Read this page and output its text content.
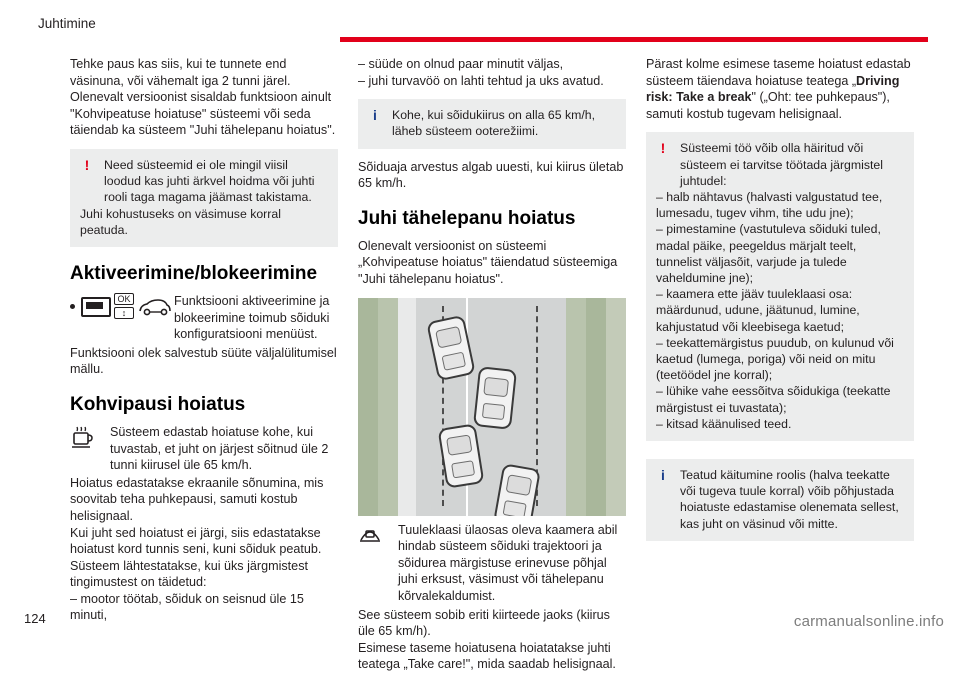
Juhtimine

Tehke paus kas siis, kui te tunnete end väsinuna, või vähemalt iga 2 tunni järel.

Olenevalt versioonist sisaldab funktsioon ainult "Kohvipeatuse hoiatuse" süsteemi või seda täiendab ka süsteem "Juhi tähelepanu hoiatus".

!	Need süsteemid ei ole mingil viisil loodud kas juhti ärkvel hoidma või juhti rooli taga magama jäämast takistama.
Juhi kohustuseks on väsimuse korral peatuda.
Aktiveerimine/blokeerimine

OK
↕

Funktsiooni aktiveerimine ja blokeerimine toimub sõiduki konfiguratsiooni menüüst.

Funktsiooni olek salvestub süüte väljalülitumisel mällu.

Kohvipausi hoiatus
Süsteem edastab hoiatuse kohe, kui tuvastab, et juht on järjest sõitnud üle 2 tunni kiirusel üle 65 km/h.

Hoiatus edastatakse ekraanile sõnumina, mis soovitab teha puhkepausi, samuti kostub helisignaal.

Kui juht sed hoiatust ei järgi, siis edastatakse hoiatust kord tunnis seni, kuni sõiduk peatub.

Süsteem lähtestatakse, kui üks järgmistest tingimustest on täidetud:

– mootor töötab, sõiduk on seisnud üle 15 minuti,

– süüde on olnud paar minutit väljas,

– juhi turvavöö on lahti tehtud ja uks avatud.

i	Kohe, kui sõidukiirus on alla 65 km/h, läheb süsteem ooterežiimi.

Sõiduaja arvestus algab uuesti, kui kiirus ületab 65 km/h.

Juhi tähelepanu hoiatus

Olenevalt versioonist on süsteemi „Kohvipeatuse hoiatus" täiendatud süsteemiga "Juhi tähelepanu hoiatus".

Tuuleklaasi ülaosas oleva kaamera abil hindab süsteem sõiduki trajektoori ja sõidurea märgistuse erinevuse põhjal juhi erksust, väsimust või tähelepanu kõrvalekaldumist.

See süsteem sobib eriti kiirteede jaoks (kiirus üle 65 km/h).

Esimese taseme hoiatusena hoiatatakse juhti teatega „Take care!", mida saadab helisignaal.

Pärast kolme esimese taseme hoiatust edastab süsteem täiendava hoiatuse teatega „Driving risk: Take a break" („Oht: tee puhkepaus"), samuti kostub tugevam helisignaal.

!	Süsteemi töö võib olla häiritud või süsteem ei tarvitse töötada järgmistel juhtudel:
– halb nähtavus (halvasti valgustatud tee, lumesadu, tugev vihm, tihe udu jne);
– pimestamine (vastutuleva sõiduki tuled, madal päike, peegeldus märjalt teelt, tunnelist väljasõit, varjude ja tulede vaheldumine jne);
– kaamera ette jääv tuuleklaasi osa: määrdunud, udune, jäätunud, lumine, kahjustatud või kleebisega kaetud;
– teekattemärgistus puudub, on kulunud või kaetud (lumega, poriga) või neid on mitu (teetöödel jne korral);
– lühike vahe eessõitva sõidukiga (teekatte märgistust ei tuvastata);
– kitsad käänulised teed.
i	Teatud käitumine roolis (halva teekatte või tugeva tuule korral) võib põhjustada hoiatuste edastamise olenemata sellest, kas juht on väsinud või mitte.
124	carmanualsonline.info
